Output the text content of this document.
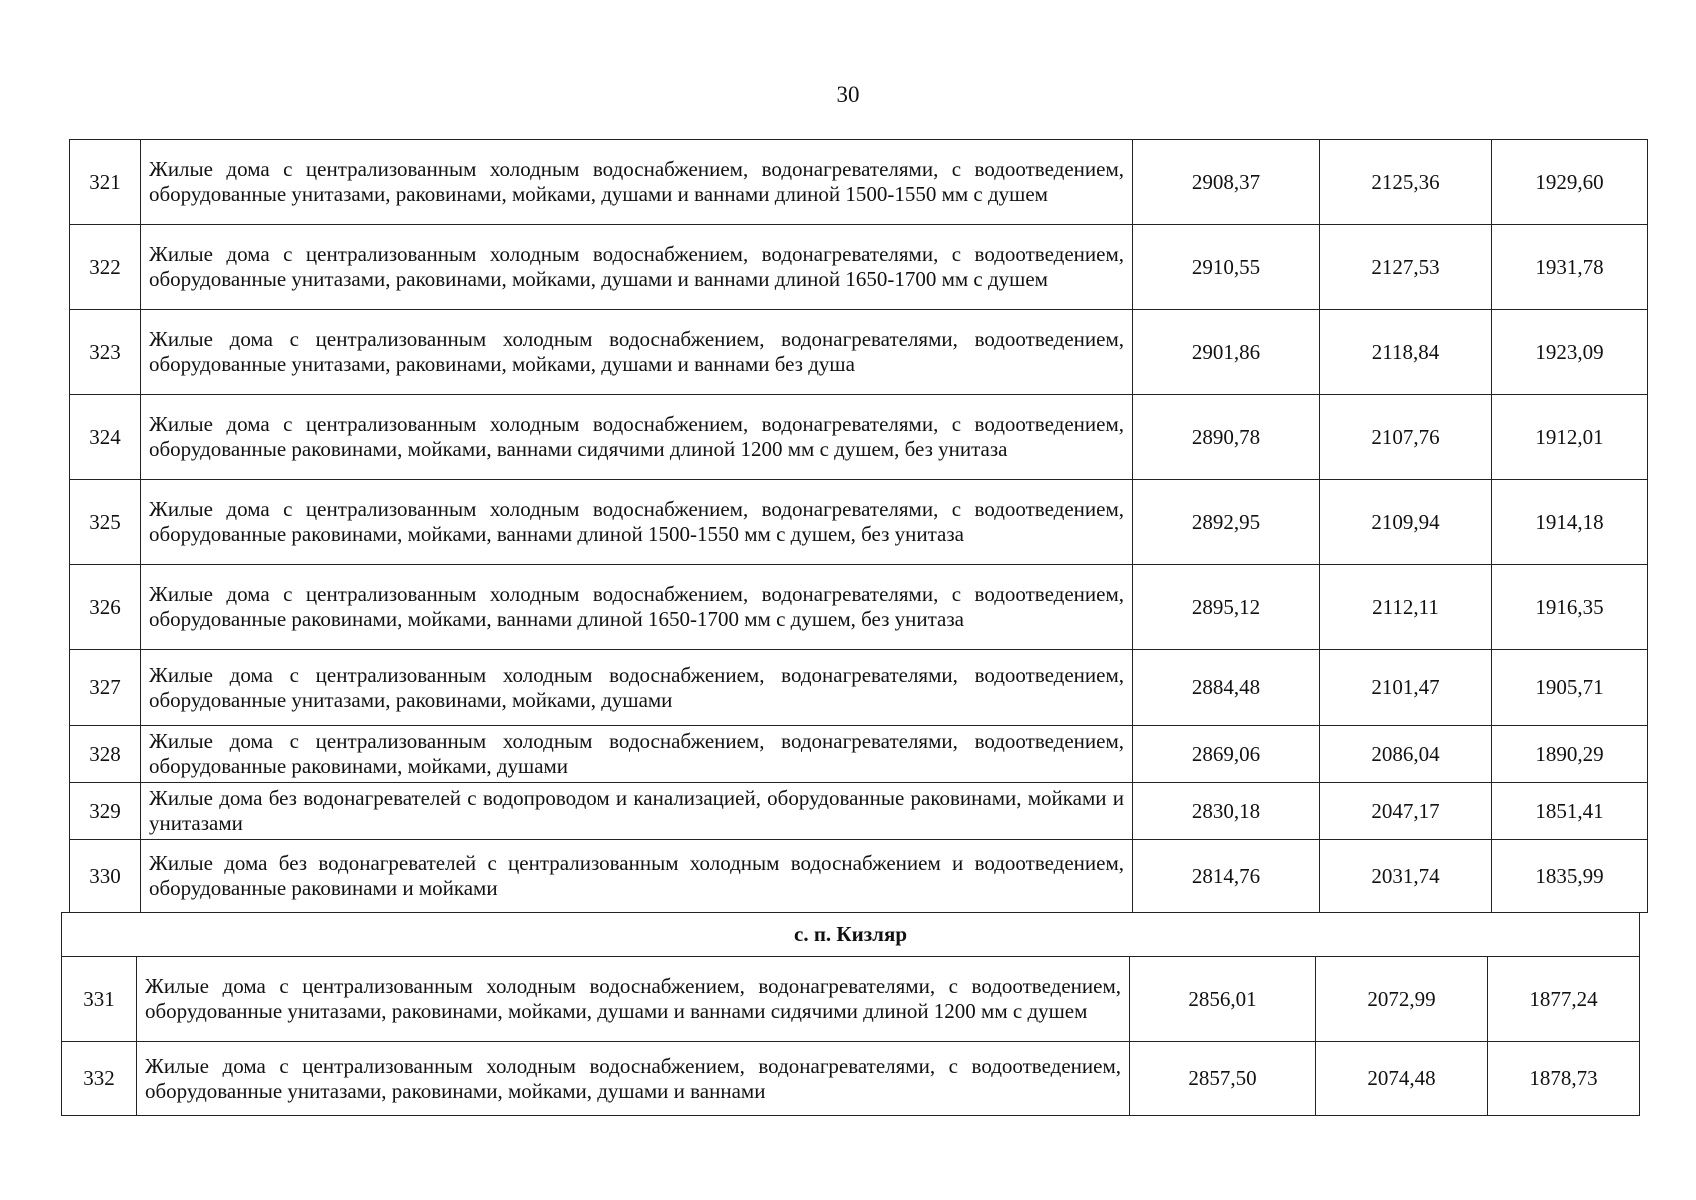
30
321	Жилые дома с централизованным холодным водоснабжением, водонагревателями, с водоотведением, оборудованные унитазами, раковинами, мойками, душами и ваннами длиной 1500-1550 мм с душем	2908,37	2125,36	1929,60
322	Жилые дома с централизованным холодным водоснабжением, водонагревателями, с водоотведением, оборудованные унитазами, раковинами, мойками, душами и ваннами длиной 1650-1700 мм с душем	2910,55	2127,53	1931,78
323	Жилые дома с централизованным холодным водоснабжением, водонагревателями, водоотведением, оборудованные унитазами, раковинами, мойками, душами и ваннами без душа	2901,86	2118,84	1923,09
324	Жилые дома с централизованным холодным водоснабжением, водонагревателями, с водоотведением, оборудованные раковинами, мойками, ваннами сидячими длиной 1200 мм с душем, без унитаза	2890,78	2107,76	1912,01
325	Жилые дома с централизованным холодным водоснабжением, водонагревателями, с водоотведением, оборудованные раковинами, мойками, ваннами длиной 1500-1550 мм с душем, без унитаза	2892,95	2109,94	1914,18
326	Жилые дома с централизованным холодным водоснабжением, водонагревателями, с водоотведением, оборудованные раковинами, мойками, ваннами длиной 1650-1700 мм с душем, без унитаза	2895,12	2112,11	1916,35
327	Жилые дома с централизованным холодным водоснабжением, водонагревателями, водоотведением, оборудованные унитазами, раковинами, мойками, душами	2884,48	2101,47	1905,71
328	Жилые дома с централизованным холодным водоснабжением, водонагревателями, водоотведением, оборудованные раковинами, мойками, душами	2869,06	2086,04	1890,29
329	Жилые дома без водонагревателей с водопроводом и канализацией, оборудованные раковинами, мойками и унитазами	2830,18	2047,17	1851,41
330	Жилые дома без водонагревателей с централизованным холодным водоснабжением и водоотведением, оборудованные раковинами и мойками	2814,76	2031,74	1835,99
с. п. Кизляр				
331	Жилые дома с централизованным холодным водоснабжением, водонагревателями, с водоотведением, оборудованные унитазами, раковинами, мойками, душами и ваннами сидячими длиной 1200 мм с душем	2856,01	2072,99	1877,24
332	Жилые дома с централизованным холодным водоснабжением, водонагревателями, с водоотведением, оборудованные унитазами, раковинами, мойками, душами и ваннами	2857,50	2074,48	1878,73
